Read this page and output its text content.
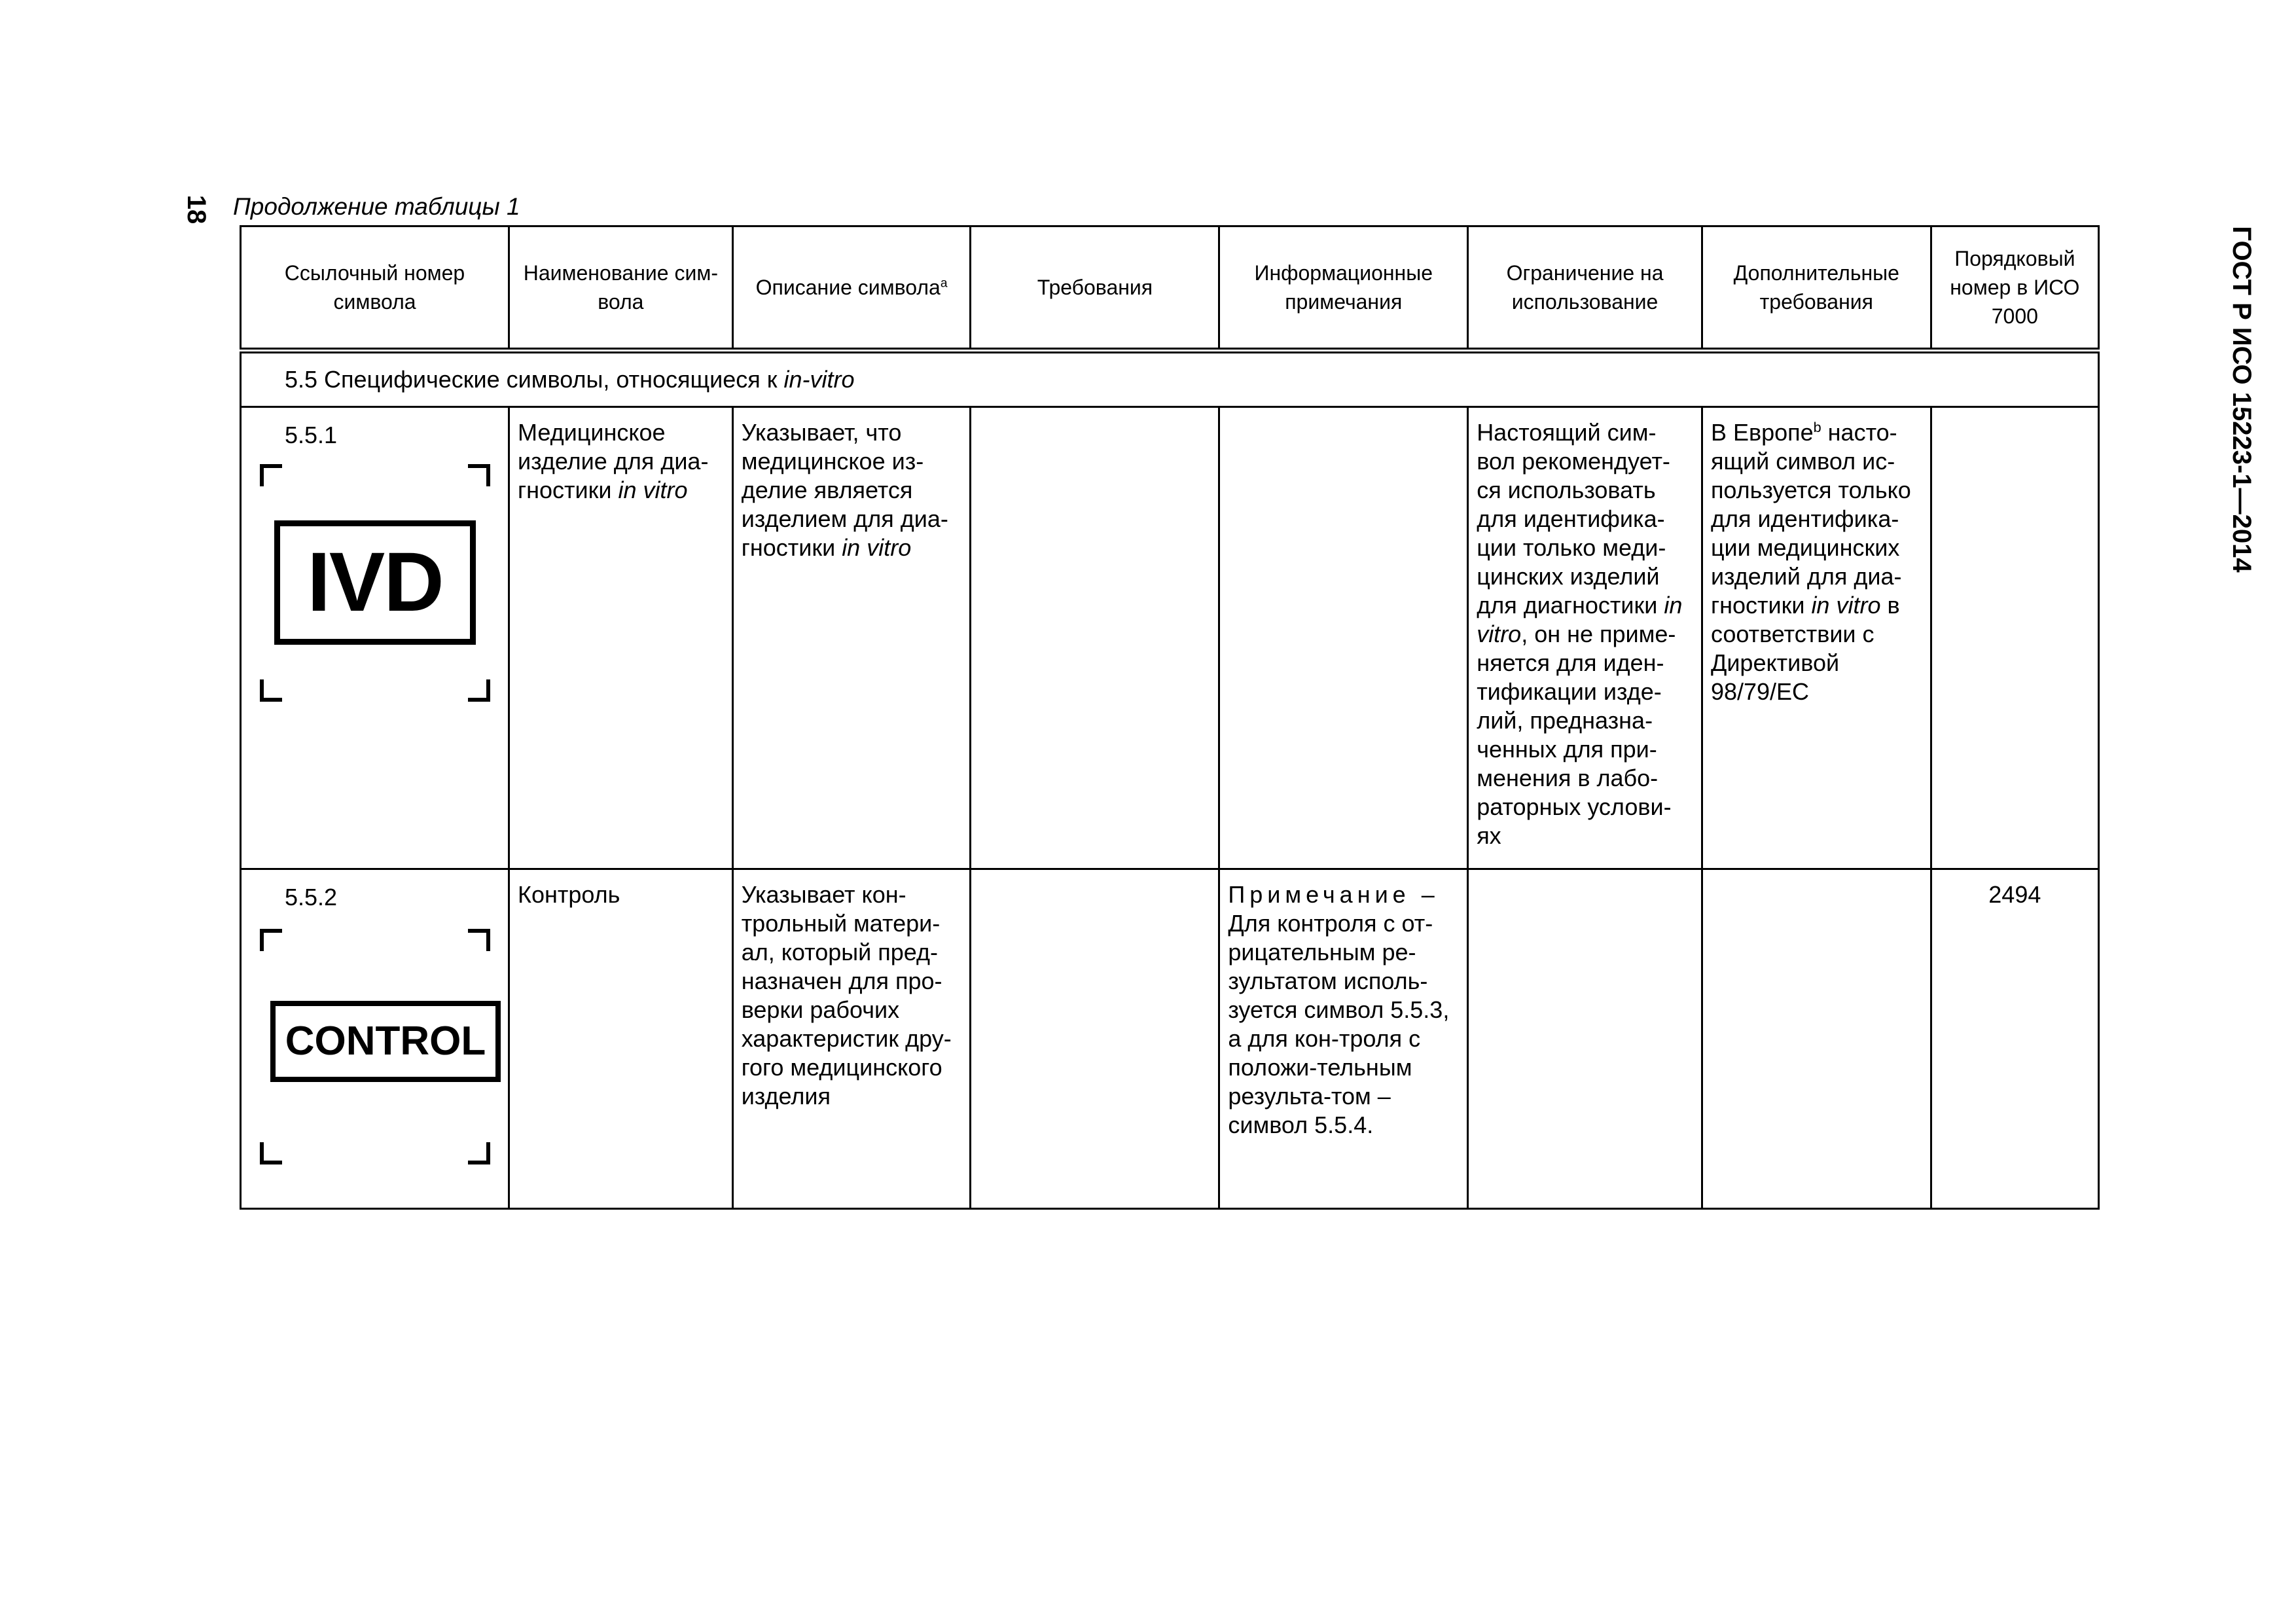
18
ГОСТ Р ИСО 15223-1—2014
Продолжение таблицы 1
Ссылочный номер символа	Наименование сим-вола	Описание символа$^a$	Требования	Информационные примечания	Ограничение на использование	Дополнительные требования	Порядковый номер в ИСО 7000
5.5 Специфические символы, относящиеся к in-vitro							

5.5.1
IVD	Медицинское изделие для диа-гностики in vitro	Указывает, что медицинское из-делие является изделием для диа-гностики in vitro			Настоящий сим-вол рекомендует-ся использовать для идентифика-ции только меди-цинских изделий для диагностики in vitro, он не приме-няется для иден-тификации изде-лий, предназна-ченных для при-менения в лабо-раторных услови-ях	В Европе$^b$ насто-ящий символ ис-пользуется только для идентифика-ции медицинских изделий для диа-гностики in vitro в соответствии с Директивой 98/79/EC	

5.5.2
CONTROL	Контроль	Указывает кон-трольный матери-ал, который пред-назначен для про-верки рабочих характеристик дру-гого медицинского изделия		Примечание – Для контроля с от-рицательным ре-зультатом исполь-зуется символ 5.5.3, а для кон-троля с положи-тельным результа-том – символ 5.5.4.			2494
